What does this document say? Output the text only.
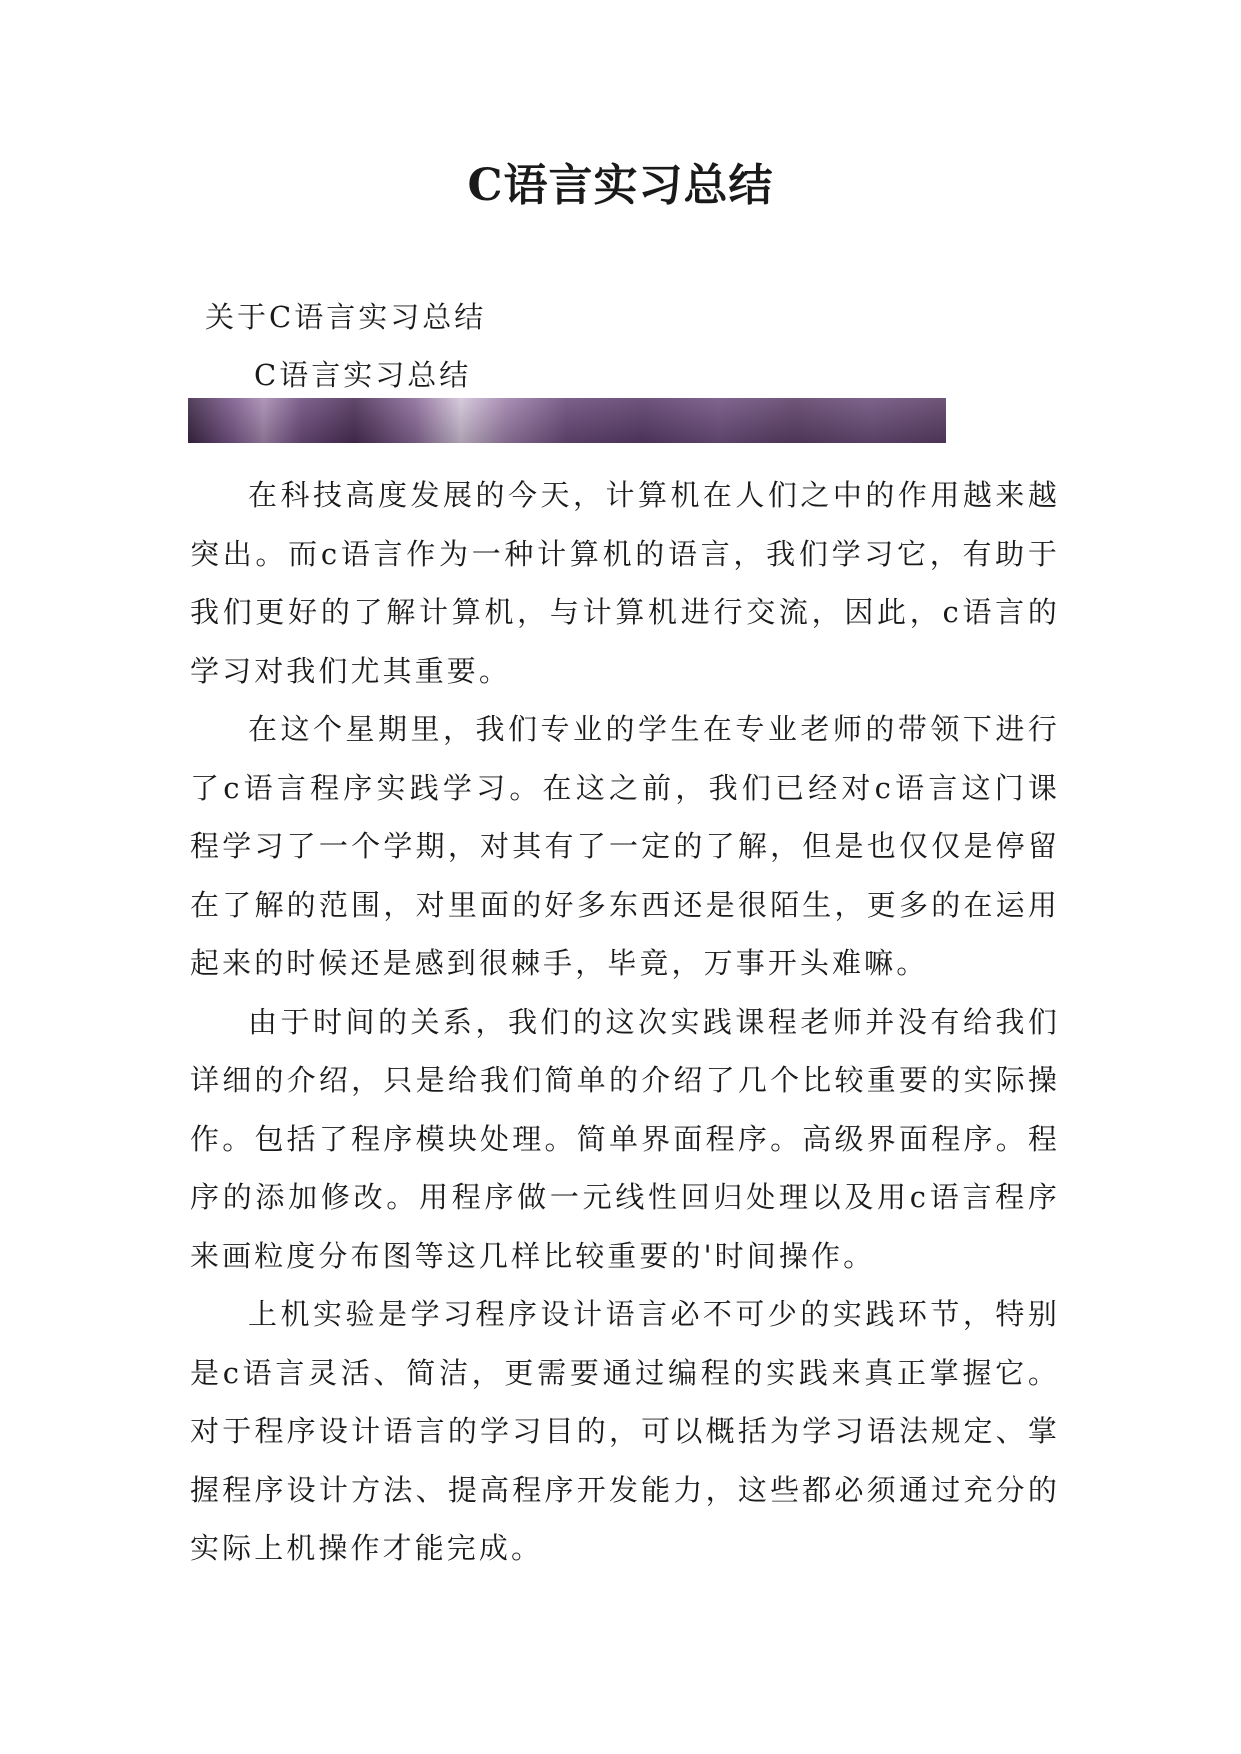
C语言实习总结
关于C语言实习总结
C语言实习总结

在科技高度发展的今天，计算机在人们之中的作用越来越突出。而c语言作为一种计算机的语言，我们学习它，有助于我们更好的了解计算机，与计算机进行交流，因此，c语言的学习对我们尤其重要。

在这个星期里，我们专业的学生在专业老师的带领下进行了c语言程序实践学习。在这之前，我们已经对c语言这门课程学习了一个学期，对其有了一定的了解，但是也仅仅是停留在了解的范围，对里面的好多东西还是很陌生，更多的在运用起来的时候还是感到很棘手，毕竟，万事开头难嘛。

由于时间的关系，我们的这次实践课程老师并没有给我们详细的介绍，只是给我们简单的介绍了几个比较重要的实际操作。包括了程序模块处理。简单界面程序。高级界面程序。程序的添加修改。用程序做一元线性回归处理以及用c语言程序来画粒度分布图等这几样比较重要的'时间操作。

上机实验是学习程序设计语言必不可少的实践环节，特别是c语言灵活、简洁，更需要通过编程的实践来真正掌握它。对于程序设计语言的学习目的，可以概括为学习语法规定、掌握程序设计方法、提高程序开发能力，这些都必须通过充分的实际上机操作才能完成。
